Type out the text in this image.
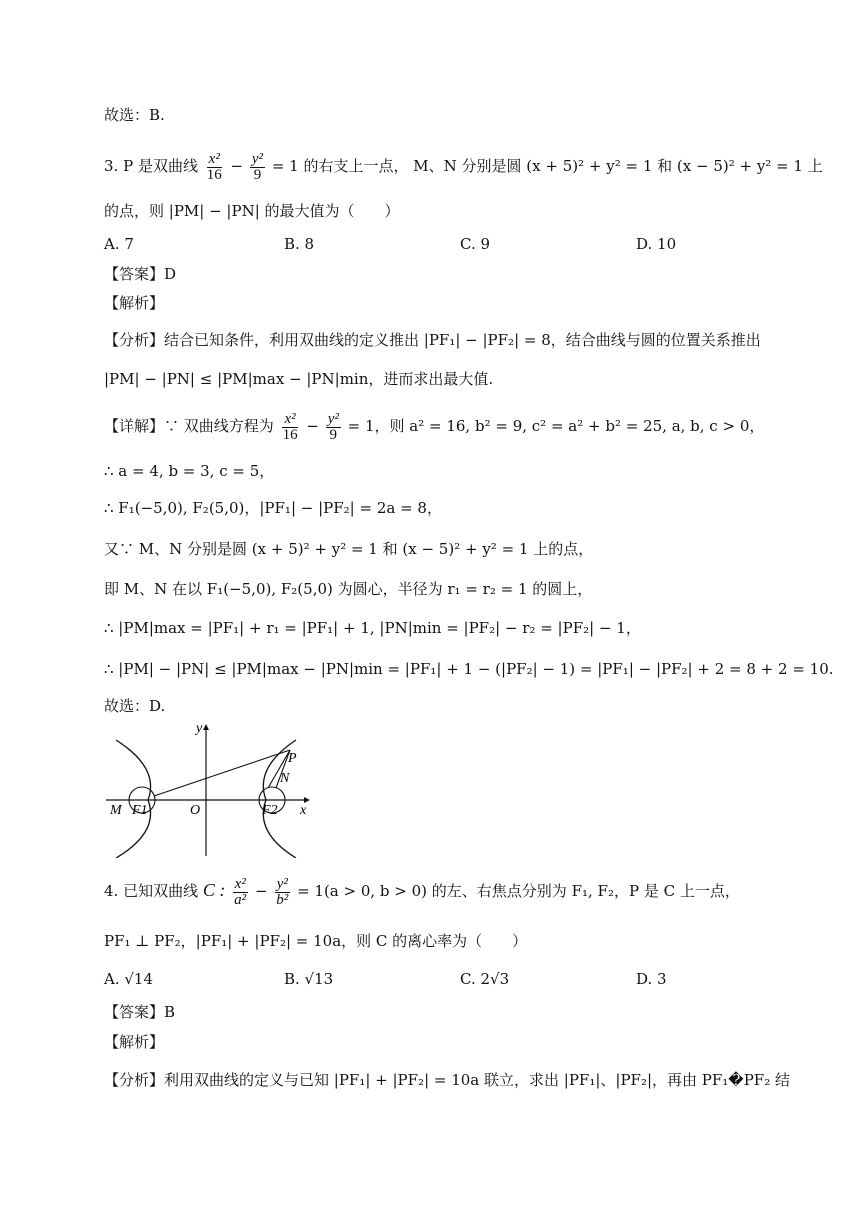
故选：B.
3. P 是双曲线 $\frac{\text{x²}}{16} - \frac{\text{y²}}{9} = 1$ 的右支上一点， M、N 分别是圆 (x + 5)² + y² = 1 和 (x − 5)² + y² = 1 上
的点，则 |PM| − |PN| 的最大值为（　　）
A. 7	B. 8	C. 9	D. 10
【答案】D
【解析】
【分析】结合已知条件，利用双曲线的定义推出 |PF₁| − |PF₂| = 8，结合曲线与圆的位置关系推出
|PM| − |PN| ≤ |PM|max − |PN|min，进而求出最大值.
【详解】∵ 双曲线方程为 $\frac{\text{x²}}{16} - \frac{\text{y²}}{9} = 1$，则 a² = 16, b² = 9, c² = a² + b² = 25, a, b, c > 0，
∴ a = 4, b = 3, c = 5，
∴ F₁(−5,0), F₂(5,0)，|PF₁| − |PF₂| = 2a = 8，
又∵ M、N 分别是圆 (x + 5)² + y² = 1 和 (x − 5)² + y² = 1 上的点，
即 M、N 在以 F₁(−5,0), F₂(5,0) 为圆心，半径为 r₁ = r₂ = 1 的圆上，
∴ |PM|max = |PF₁| + r₁ = |PF₁| + 1, |PN|min = |PF₂| − r₂ = |PF₂| − 1，
∴ |PM| − |PN| ≤ |PM|max − |PN|min = |PF₁| + 1 − (|PF₂| − 1) = |PF₁| − |PF₂| + 2 = 8 + 2 = 10.
故选：D.
y
x
P
N
M F1	O	F2
4. 已知双曲线 C : $\frac{\text{x²}}{\text{a²}} - \frac{\text{y²}}{\text{b²}} = 1(a > 0$, b > 0) 的左、右焦点分别为 F₁, F₂，P 是 C 上一点，
PF₁ ⊥ PF₂，|PF₁| + |PF₂| = 10a，则 C 的离心率为（　　）
A. √14	B. √13	C. 2√3	D. 3
【答案】B
【解析】
【分析】利用双曲线的定义与已知 |PF₁| + |PF₂| = 10a 联立，求出 |PF₁|、|PF₂|，再由 PF₁�PF₂ 结
